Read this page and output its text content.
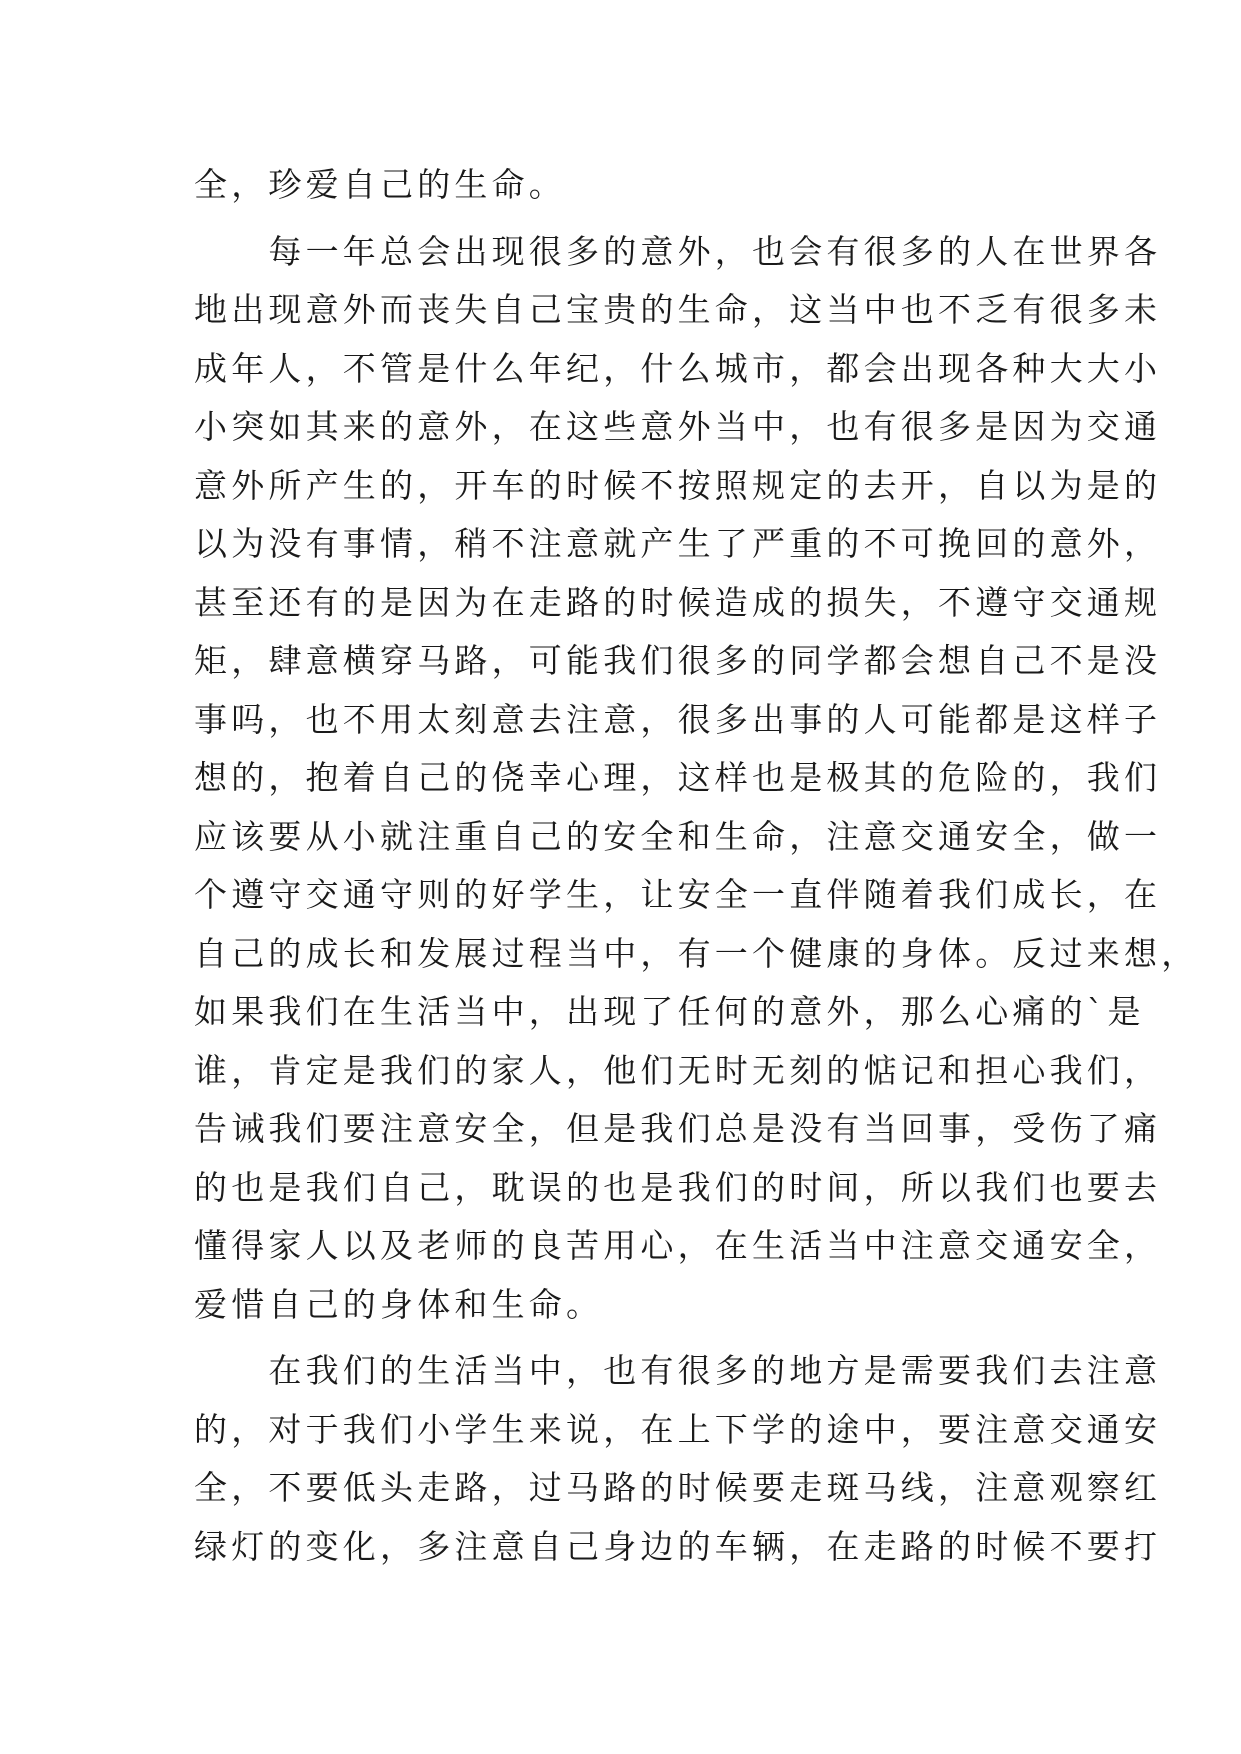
全，珍爱自己的生命。
　　每一年总会出现很多的意外，也会有很多的人在世界各
地出现意外而丧失自己宝贵的生命，这当中也不乏有很多未
成年人，不管是什么年纪，什么城市，都会出现各种大大小
小突如其来的意外，在这些意外当中，也有很多是因为交通
意外所产生的，开车的时候不按照规定的去开，自以为是的
以为没有事情，稍不注意就产生了严重的不可挽回的意外，
甚至还有的是因为在走路的时候造成的损失，不遵守交通规
矩，肆意横穿马路，可能我们很多的同学都会想自己不是没
事吗，也不用太刻意去注意，很多出事的人可能都是这样子
想的，抱着自己的侥幸心理，这样也是极其的危险的，我们
应该要从小就注重自己的安全和生命，注意交通安全，做一
个遵守交通守则的好学生，让安全一直伴随着我们成长，在
自己的成长和发展过程当中，有一个健康的身体。反过来想，
如果我们在生活当中，出现了任何的意外，那么心痛的`是
谁，肯定是我们的家人，他们无时无刻的惦记和担心我们，
告诫我们要注意安全，但是我们总是没有当回事，受伤了痛
的也是我们自己，耽误的也是我们的时间，所以我们也要去
懂得家人以及老师的良苦用心，在生活当中注意交通安全，
爱惜自己的身体和生命。
　　在我们的生活当中，也有很多的地方是需要我们去注意
的，对于我们小学生来说，在上下学的途中，要注意交通安
全，不要低头走路，过马路的时候要走斑马线，注意观察红
绿灯的变化，多注意自己身边的车辆，在走路的时候不要打
